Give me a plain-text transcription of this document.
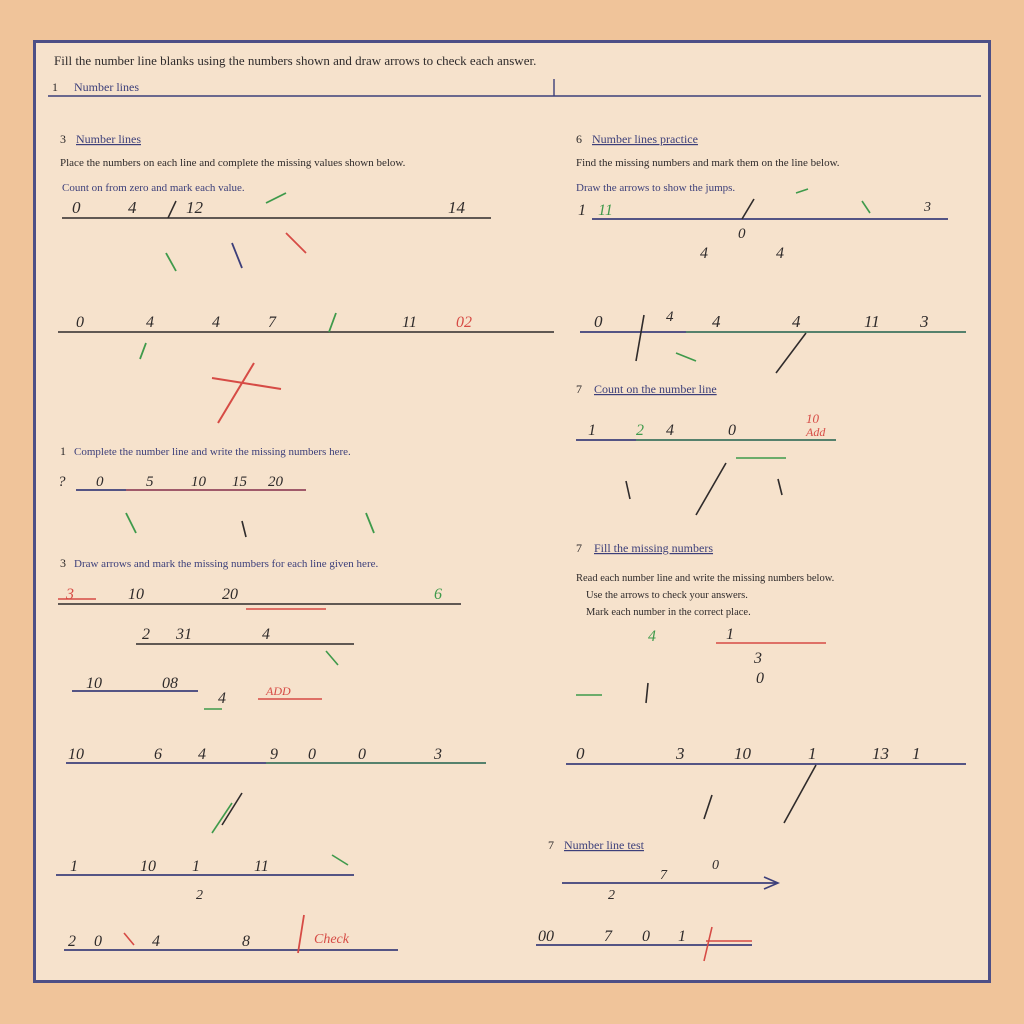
Fill the number line blanks using the numbers shown and draw arrows to check each answer.
1 Number lines
3 Number lines
Place the numbers on each line and complete the missing values shown below.
Count on from zero and mark each value.
0	4	12	14
0	4	4	7	11 02
1 Complete the number line and write the missing numbers here.
? 0	5	10 15 20
3 Draw arrows and mark the missing numbers for each line given here.
3	10	20	6
2 31	4
10	08
4	ADD
10	6 4	9 0	0	3
1	10 1	11
2
2 0	4	8	Check
6 Number lines practice
Find the missing numbers and mark them on the line below.
Draw the arrows to show the jumps.
1 11
4	4
0
3
0	4 4	4	11 3
7 Count on the number line
1	2 4	0
10
Add
7 Fill the missing numbers
Read each number line and write the missing numbers below.
Use the arrows to check your answers.
Mark each number in the correct place.
4	1
3
0
0	3	10	1	13 1
7 Number line test
2
7
0
00	7 0 1
